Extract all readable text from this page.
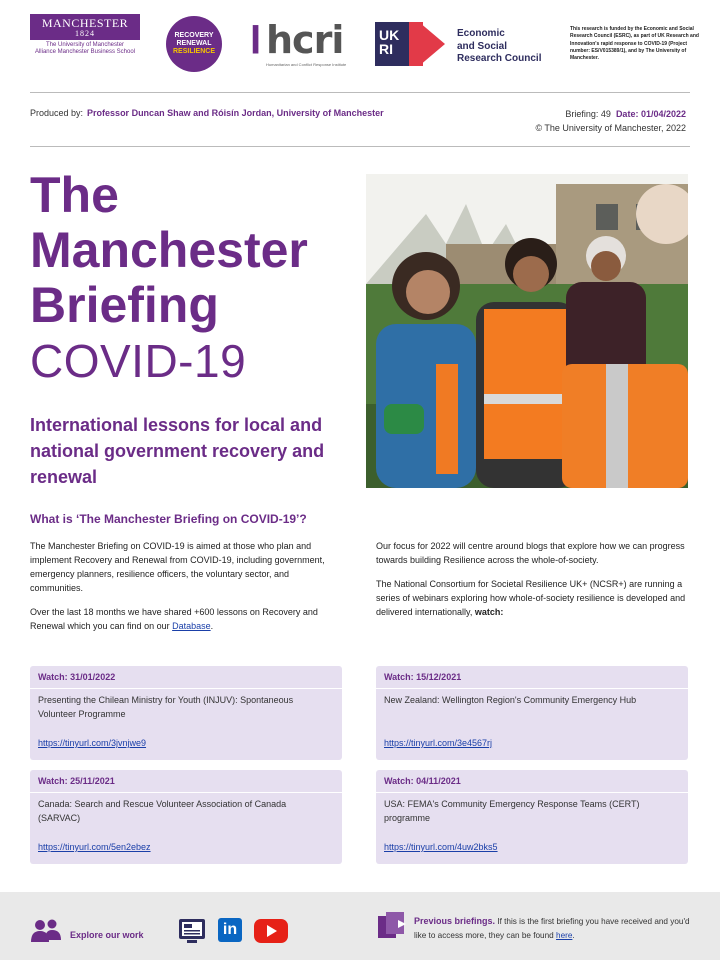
MANCHESTER
1824
The University of Manchester
Alliance Manchester Business School
RECOVERY
RENEWAL
RESILIENCE ǀ hcri
Humanitarian and Conflict Response Institute
UK RI
Economic
and Social
Research Council
This research is funded by the Economic and Social Research Council (ESRC), as part of UK Research and Innovation's rapid response to COVID-19 (Project number: ES/V015389/1), and by The University of Manchester.
Produced by: Professor Duncan Shaw and Róisín Jordan, University of Manchester	Briefing: 49 Date: 01/04/2022
© The University of Manchester, 2022
The
Manchester
Briefing
COVID-19
International lessons for local and national government recovery and renewal
What is ‘The Manchester Briefing on COVID-19’?

The Manchester Briefing on COVID-19 is aimed at those who plan and implement Recovery and Renewal from COVID-19, including government, emergency planners, resilience officers, the voluntary sector, and communities.

Over the last 18 months we have shared +600 lessons on Recovery and Renewal which you can find on our Database.

Our focus for 2022 will centre around blogs that explore how we can progress towards building Resilience across the whole-of-society.

The National Consortium for Societal Resilience UK+ (NCSR+) are running a series of webinars exploring how whole-of-society resilience is developed and delivered internationally, watch:

Watch: 31/01/2022
Presenting the Chilean Ministry for Youth (INJUV): Spontaneous Volunteer Programme
https://tinyurl.com/3jvnjwe9
Watch: 15/12/2021
New Zealand: Wellington Region's Community Emergency Hub
https://tinyurl.com/3e4567rj
Watch: 25/11/2021
Canada: Search and Rescue Volunteer Association of Canada (SARVAC)
https://tinyurl.com/5en2ebez
Watch: 04/11/2021
USA: FEMA's Community Emergency Response Teams (CERT) programme
https://tinyurl.com/4uw2bks5
Explore our work	in	Previous briefings. If this is the first briefing you have received and you'd like to access more, they can be found here.
